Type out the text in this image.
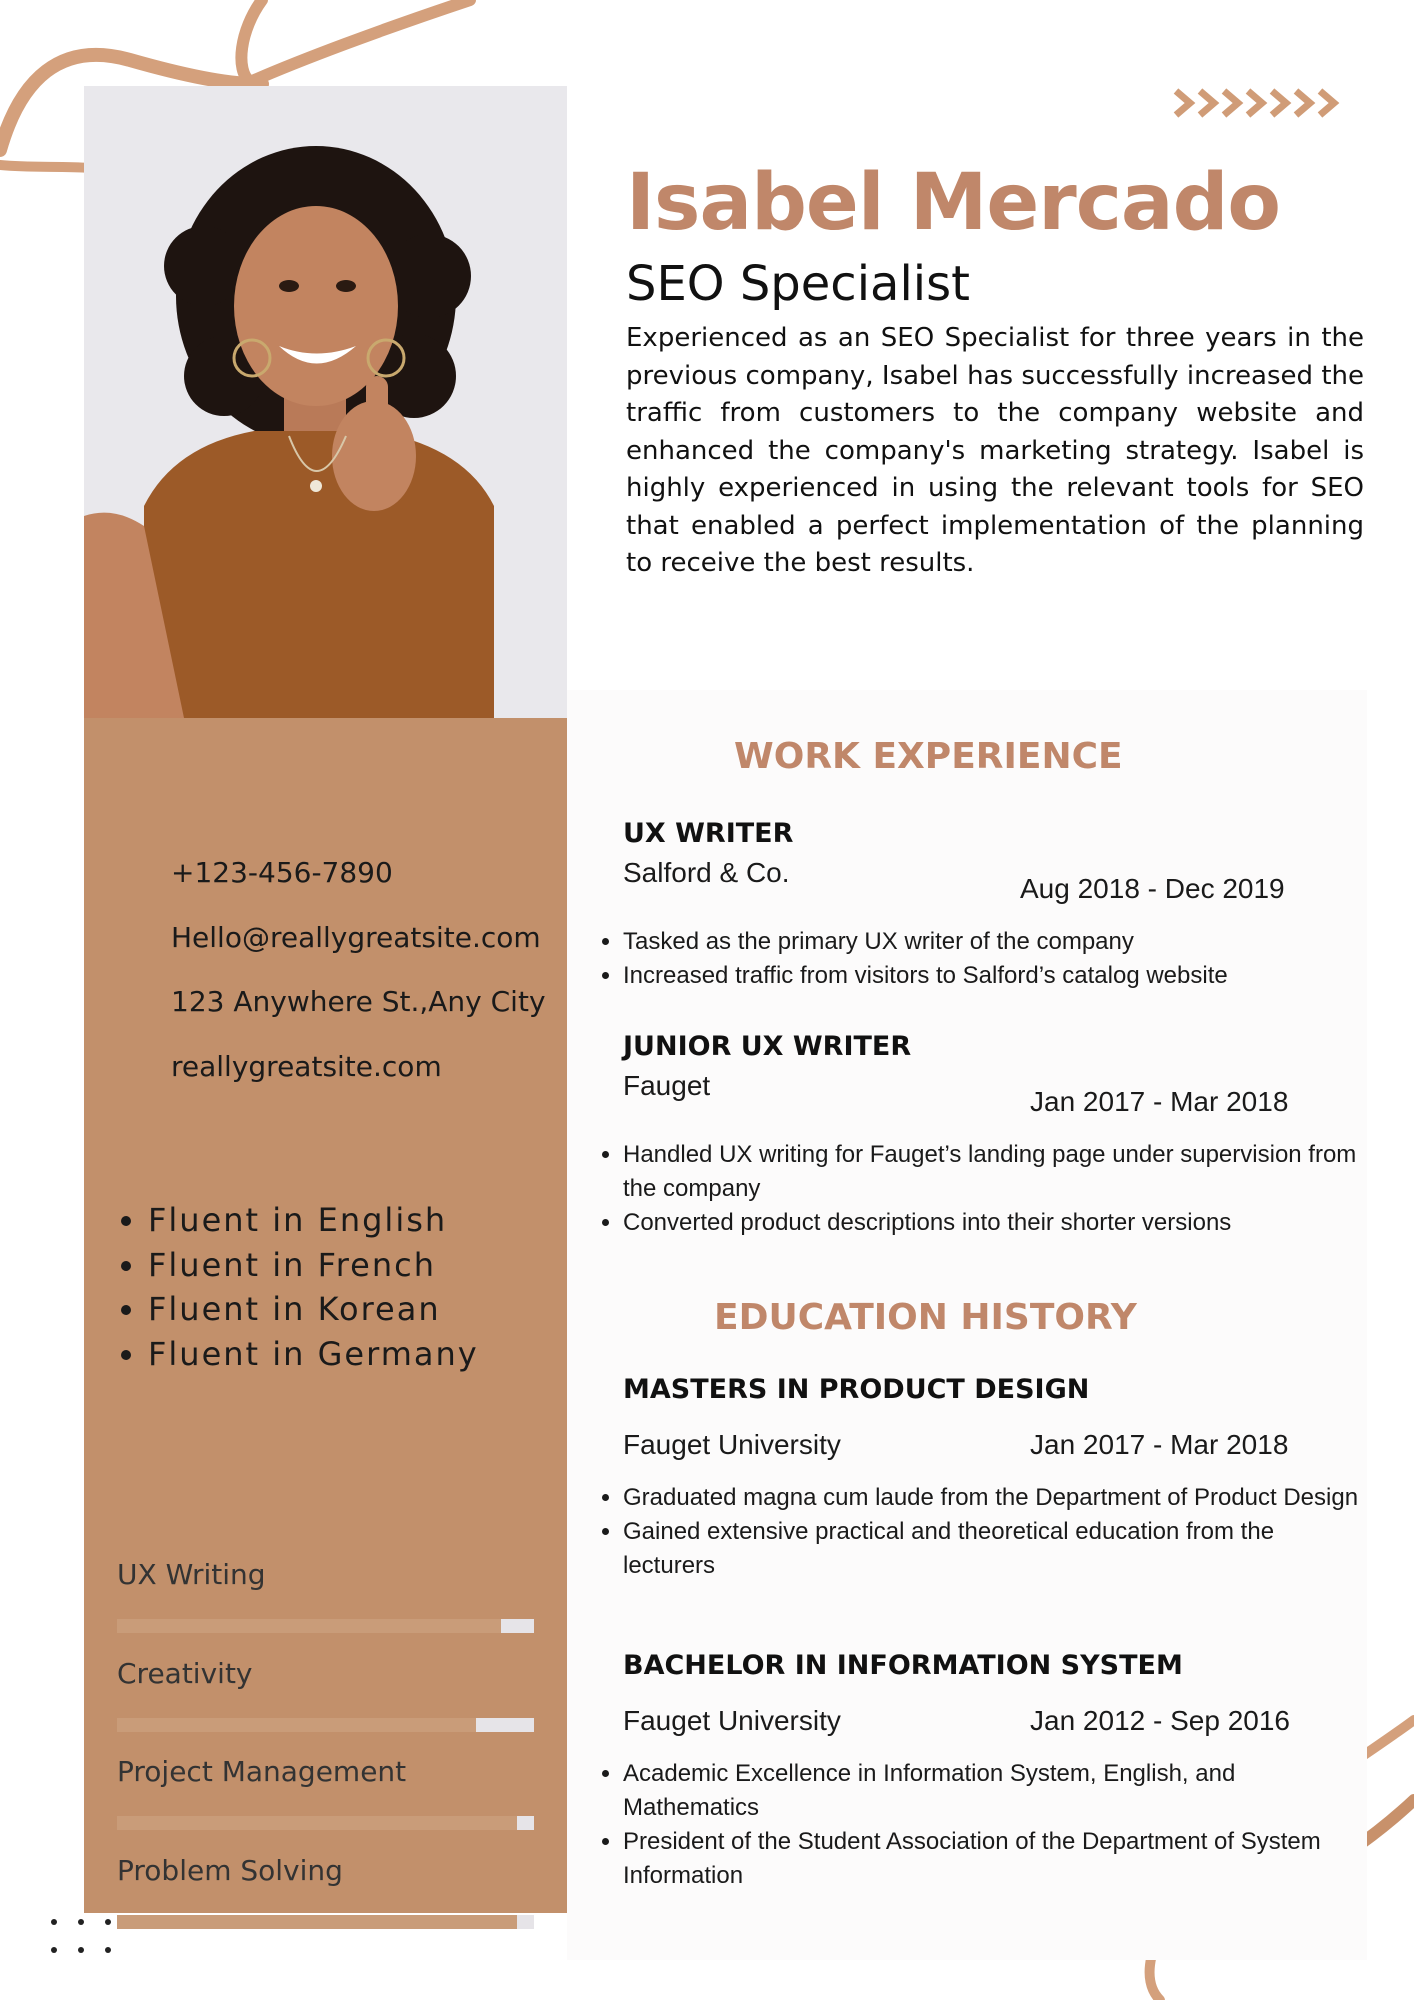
+123-456-7890
Hello@reallygreatsite.com
123 Anywhere St.,Any City
reallygreatsite.com
• Fluent in English
• Fluent in French
• Fluent in Korean
• Fluent in Germany
UX Writing
Creativity
Project Management
Problem Solving
Isabel Mercado
SEO Specialist

Experienced as an SEO Specialist for three years in the previous company, Isabel has successfully increased the traffic from customers to the company website and enhanced the company's marketing strategy. Isabel is highly experienced in using the relevant tools for SEO that enabled a perfect implementation of the planning to receive the best results.

WORK EXPERIENCE
UX WRITER
Salford & Co.
Aug 2018 - Dec 2019
• Tasked as the primary UX writer of the company
• Increased traffic from visitors to Salford’s catalog website
JUNIOR UX WRITER
Fauget
Jan 2017 - Mar 2018
• Handled UX writing for Fauget’s landing page under supervision from the company
• Converted product descriptions into their shorter versions
EDUCATION HISTORY
MASTERS IN PRODUCT DESIGN
Fauget University	Jan 2017 - Mar 2018
• Graduated magna cum laude from the Department of Product Design
• Gained extensive practical and theoretical education from the lecturers
BACHELOR IN INFORMATION SYSTEM
Fauget University	Jan 2012 - Sep 2016
• Academic Excellence in Information System, English, and Mathematics
• President of the Student Association of the Department of System Information
